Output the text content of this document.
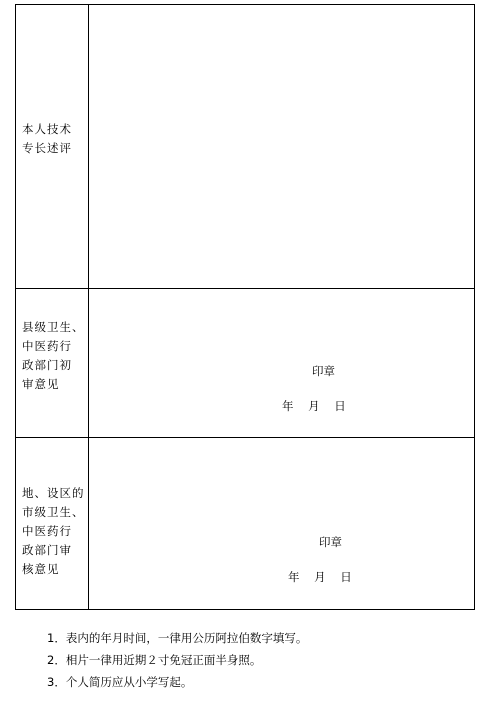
本人技术
专长述评
县级卫生、
中医药行
政部门初
审意见
印章
年    月    日
地、设区的
市级卫生、
中医药行
政部门审
核意见
印章
年    月    日
1．表内的年月时间，一律用公历阿拉伯数字填写。
2．相片一律用近期２寸免冠正面半身照。
3．个人简历应从小学写起。
